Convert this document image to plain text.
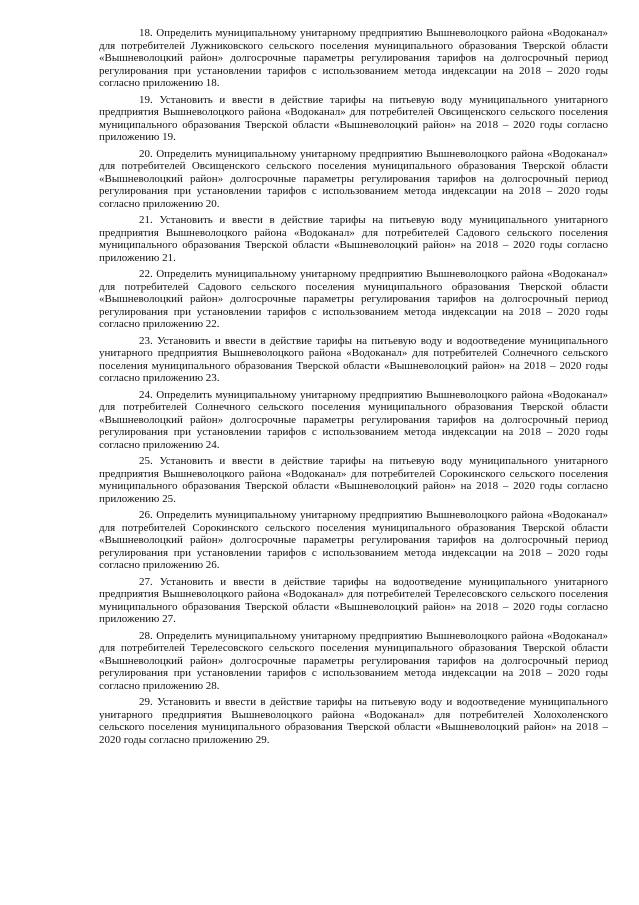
18. Определить муниципальному унитарному предприятию Вышневолоцкого района «Водоканал» для потребителей Лужниковского сельского поселения муниципального образования Тверской области «Вышневолоцкий район» долгосрочные параметры регулирования тарифов на долгосрочный период регулирования при установлении тарифов с использованием метода индексации на 2018 – 2020 годы согласно приложению 18.

19. Установить и ввести в действие тарифы на питьевую воду муниципального унитарного предприятия Вышневолоцкого района «Водоканал» для потребителей Овсищенского сельского поселения муниципального образования Тверской области «Вышневолоцкий район» на 2018 – 2020 годы согласно приложению 19.

20. Определить муниципальному унитарному предприятию Вышневолоцкого района «Водоканал» для потребителей Овсищенского сельского поселения муниципального образования Тверской области «Вышневолоцкий район» долгосрочные параметры регулирования тарифов на долгосрочный период регулирования при установлении тарифов с использованием метода индексации на 2018 – 2020 годы согласно приложению 20.

21. Установить и ввести в действие тарифы на питьевую воду муниципального унитарного предприятия Вышневолоцкого района «Водоканал» для потребителей Садового сельского поселения муниципального образования Тверской области «Вышневолоцкий район» на 2018 – 2020 годы согласно приложению 21.

22. Определить муниципальному унитарному предприятию Вышневолоцкого района «Водоканал» для потребителей Садового сельского поселения муниципального образования Тверской области «Вышневолоцкий район» долгосрочные параметры регулирования тарифов на долгосрочный период регулирования при установлении тарифов с использованием метода индексации на 2018 – 2020 годы согласно приложению 22.

23. Установить и ввести в действие тарифы на питьевую воду и водоотведение муниципального унитарного предприятия Вышневолоцкого района «Водоканал» для потребителей Солнечного сельского поселения муниципального образования Тверской области «Вышневолоцкий район» на 2018 – 2020 годы согласно приложению 23.

24. Определить муниципальному унитарному предприятию Вышневолоцкого района «Водоканал» для потребителей Солнечного сельского поселения муниципального образования Тверской области «Вышневолоцкий район» долгосрочные параметры регулирования тарифов на долгосрочный период регулирования при установлении тарифов с использованием метода индексации на 2018 – 2020 годы согласно приложению 24.

25. Установить и ввести в действие тарифы на питьевую воду муниципального унитарного предприятия Вышневолоцкого района «Водоканал» для потребителей Сорокинского сельского поселения муниципального образования Тверской области «Вышневолоцкий район» на 2018 – 2020 годы согласно приложению 25.

26. Определить муниципальному унитарному предприятию Вышневолоцкого района «Водоканал» для потребителей Сорокинского сельского поселения муниципального образования Тверской области «Вышневолоцкий район» долгосрочные параметры регулирования тарифов на долгосрочный период регулирования при установлении тарифов с использованием метода индексации на 2018 – 2020 годы согласно приложению 26.

27. Установить и ввести в действие тарифы на водоотведение муниципального унитарного предприятия Вышневолоцкого района «Водоканал» для потребителей Терелесовского сельского поселения муниципального образования Тверской области «Вышневолоцкий район» на 2018 – 2020 годы согласно приложению 27.

28. Определить муниципальному унитарному предприятию Вышневолоцкого района «Водоканал» для потребителей Терелесовского сельского поселения муниципального образования Тверской области «Вышневолоцкий район» долгосрочные параметры регулирования тарифов на долгосрочный период регулирования при установлении тарифов с использованием метода индексации на 2018 – 2020 годы согласно приложению 28.

29. Установить и ввести в действие тарифы на питьевую воду и водоотведение муниципального унитарного предприятия Вышневолоцкого района «Водоканал» для потребителей Холохоленского сельского поселения муниципального образования Тверской области «Вышневолоцкий район» на 2018 – 2020 годы согласно приложению 29.
